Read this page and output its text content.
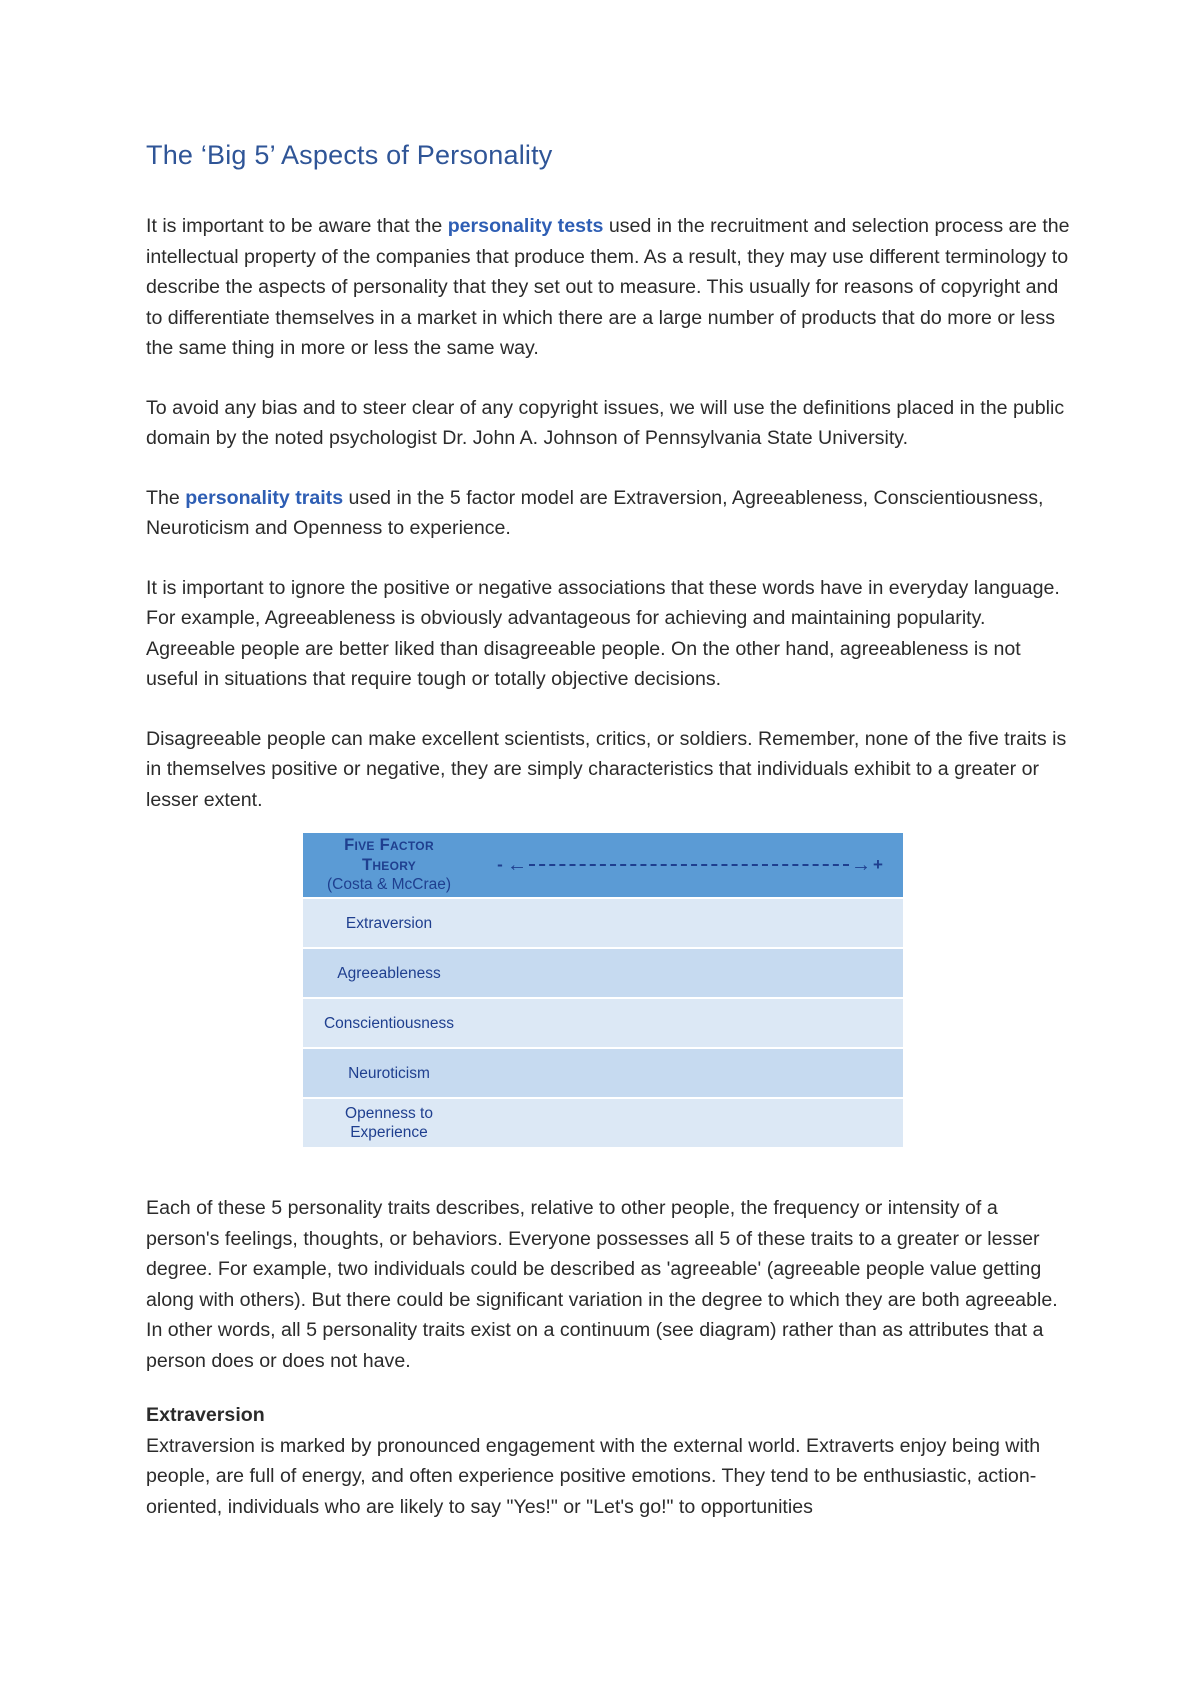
The ‘Big 5’ Aspects of Personality

It is important to be aware that the personality tests used in the recruitment and selection process are the intellectual property of the companies that produce them. As a result, they may use different terminology to describe the aspects of personality that they set out to measure. This usually for reasons of copyright and to differentiate themselves in a market in which there are a large number of products that do more or less the same thing in more or less the same way.

To avoid any bias and to steer clear of any copyright issues, we will use the definitions placed in the public domain by the noted psychologist Dr. John A. Johnson of Pennsylvania State University.

The personality traits used in the 5 factor model are Extraversion, Agreeableness, Conscientiousness, Neuroticism and Openness to experience.

It is important to ignore the positive or negative associations that these words have in everyday language. For example, Agreeableness is obviously advantageous for achieving and maintaining popularity. Agreeable people are better liked than disagreeable people. On the other hand, agreeableness is not useful in situations that require tough or totally objective decisions.

Disagreeable people can make excellent scientists, critics, or soldiers. Remember, none of the five traits is in themselves positive or negative, they are simply characteristics that individuals exhibit to a greater or lesser extent.

Five Factor
Theory
(Costa & McCrae)
- ←	→ +
Extraversion
Agreeableness
Conscientiousness
Neuroticism
Openness to Experience

Each of these 5 personality traits describes, relative to other people, the frequency or intensity of a person's feelings, thoughts, or behaviors. Everyone possesses all 5 of these traits to a greater or lesser degree. For example, two individuals could be described as 'agreeable' (agreeable people value getting along with others). But there could be significant variation in the degree to which they are both agreeable. In other words, all 5 personality traits exist on a continuum (see diagram) rather than as attributes that a person does or does not have.

Extraversion

Extraversion is marked by pronounced engagement with the external world. Extraverts enjoy being with people, are full of energy, and often experience positive emotions. They tend to be enthusiastic, action-oriented, individuals who are likely to say "Yes!" or "Let's go!" to opportunities
